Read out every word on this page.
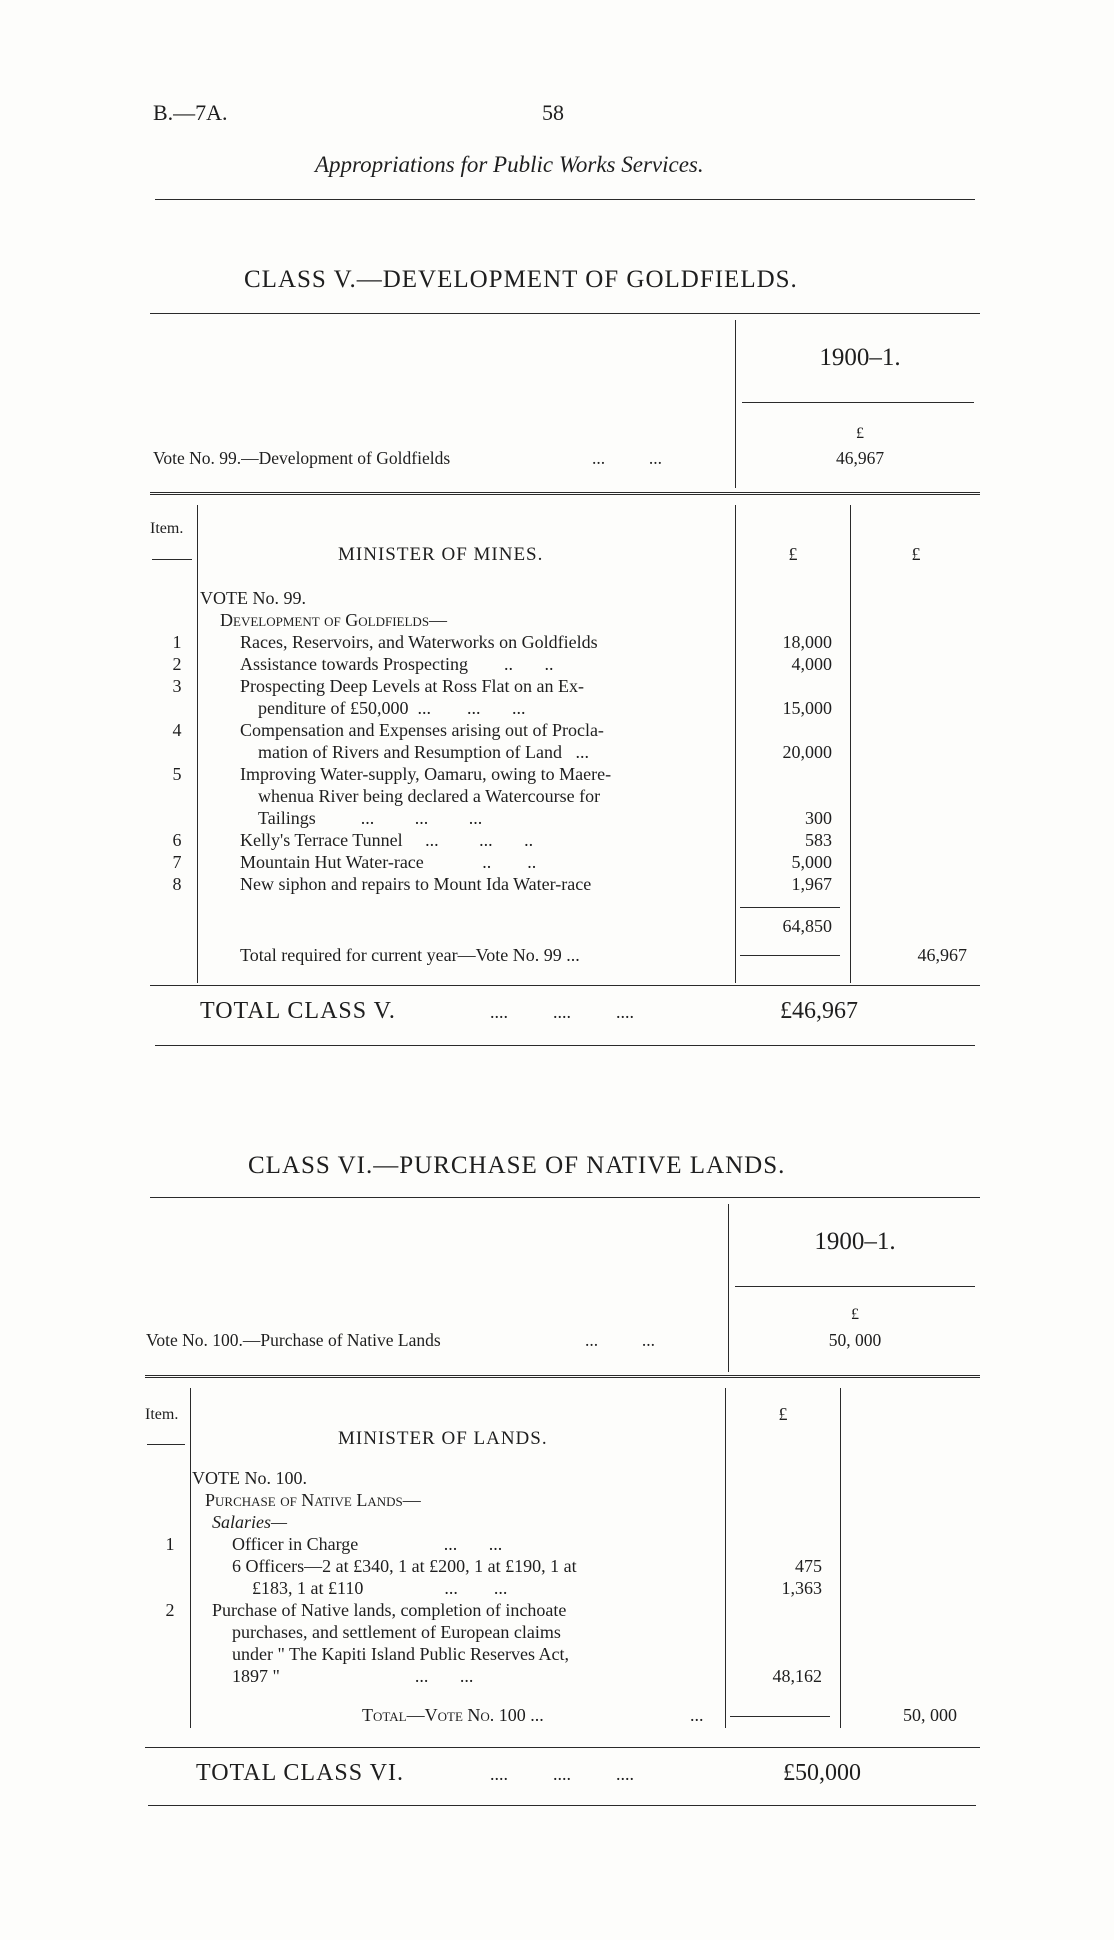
B.—7A.	58
Appropriations for Public Works Services.
CLASS V.—DEVELOPMENT OF GOLDFIELDS.
1900–1.
£
Vote No. 99.—Development of Goldfields	...          ...	46,967
Item.
MINISTER OF MINES.	£	£
VOTE No. 99.
Development of Goldfields—
1	Races, Reservoirs, and Waterworks on Goldfields	18,000
2	Assistance towards Prospecting        ..       ..	4,000
3	Prospecting Deep Levels at Ross Flat on an Ex-
penditure of £50,000  ...        ...       ...	15,000
4	Compensation and Expenses arising out of Procla-
mation of Rivers and Resumption of Land   ...	20,000
5	Improving Water-supply, Oamaru, owing to Maere-
whenua River being declared a Watercourse for
Tailings          ...         ...         ...	300
6	Kelly's Terrace Tunnel     ...         ...       ..	583
7	Mountain Hut Water-race             ..        ..	5,000
8	New siphon and repairs to Mount Ida Water-race	1,967
64,850
Total required for current year—Vote No. 99 ...	46,967
TOTAL CLASS V.	....          ....          ....	£46,967
CLASS VI.—PURCHASE OF NATIVE LANDS.
1900–1.
£
Vote No. 100.—Purchase of Native Lands	...          ...	50, 000
Item.
MINISTER OF LANDS.
£
VOTE No. 100.
Purchase of Native Lands—
Salaries—
1	Officer in Charge                   ...       ...
6 Officers—2 at £340, 1 at £200, 1 at £190, 1 at	475
£183, 1 at £110                  ...        ...	1,363
2	Purchase of Native lands, completion of inchoate
purchases, and settlement of European claims
under " The Kapiti Island Public Reserves Act,
1897 "                              ...       ...	48,162
Total—Vote No. 100 ...	...	50, 000
TOTAL CLASS VI.	....          ....          ....	£50,000
